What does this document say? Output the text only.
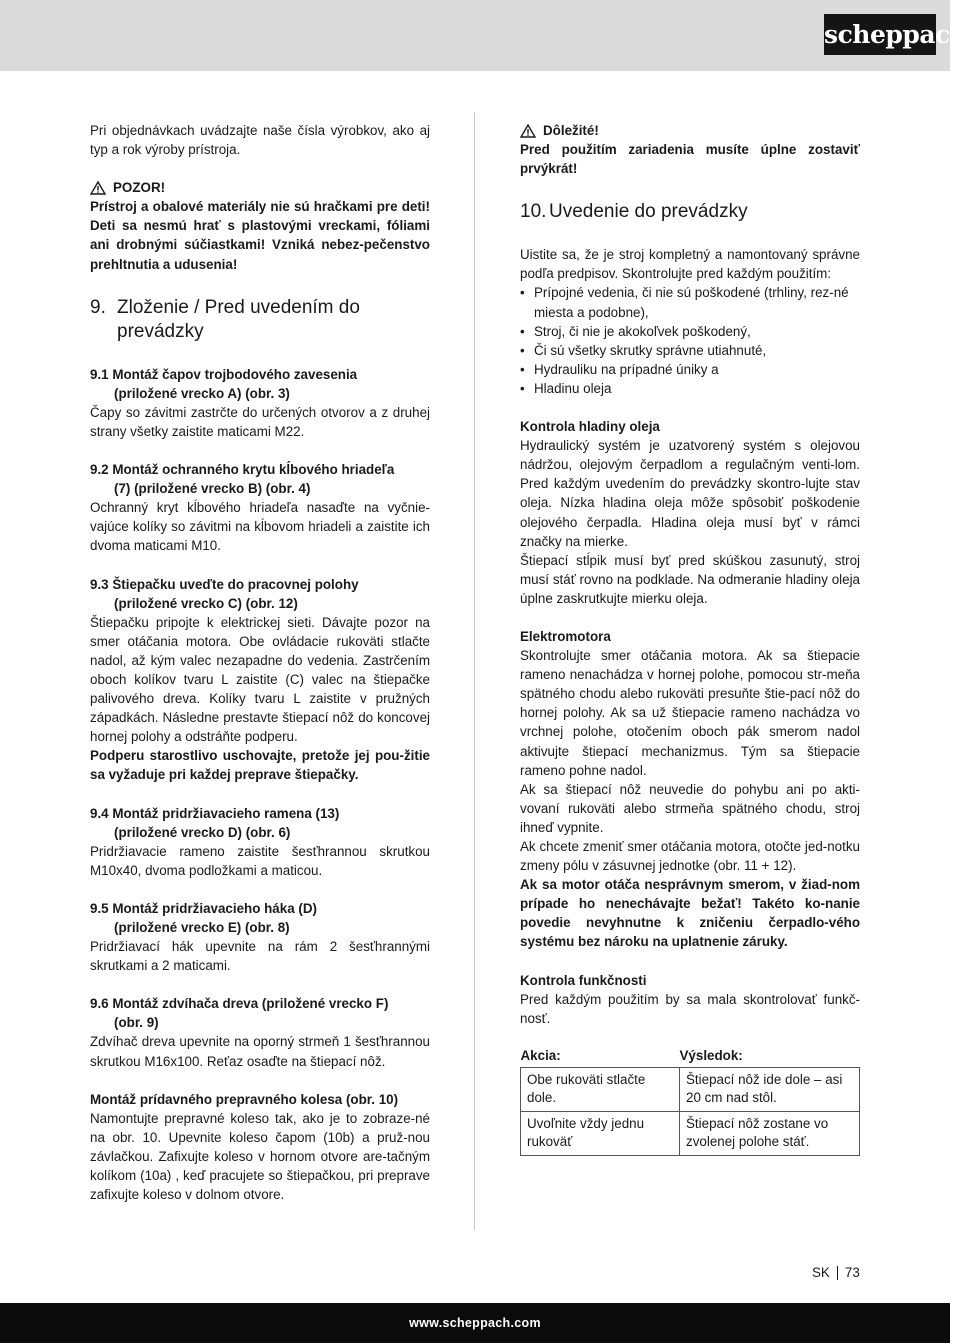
scheppach

Pri objednávkach uvádzajte naše čísla výrobkov, ako aj typ a rok výroby prístroja.

POZOR!

Prístroj a obalové materiály nie sú hračkami pre deti! Deti sa nesmú hrať s plastovými vreckami, fóliami ani drobnými súčiastkami! Vzniká nebez-pečenstvo prehltnutia a udusenia!

9. Zloženie / Pred uvedením do
prevádzky
9.1 Montáž čapov trojbodového zavesenia
(priložené vrecko A) (obr. 3)

Čapy so závitmi zastrčte do určených otvorov a z druhej strany všetky zaistite maticami M22.

9.2 Montáž ochranného krytu kĺbového hriadeľa
(7) (priložené vrecko B) (obr. 4)

Ochranný kryt kĺbového hriadeľa nasaďte na vyčnie-vajúce kolíky so závitmi na kĺbovom hriadeli a zaistite ich dvoma maticami M10.

9.3 Štiepačku uveďte do pracovnej polohy
(priložené vrecko C) (obr. 12)

Štiepačku pripojte k elektrickej sieti. Dávajte pozor na smer otáčania motora. Obe ovládacie rukoväti stlačte nadol, až kým valec nezapadne do vedenia. Zastrčením oboch kolíkov tvaru L zaistite (C) valec na štiepačke palivového dreva. Kolíky tvaru L zaistite v pružných západkách. Následne prestavte štiepací nôž do koncovej hornej polohy a odstráňte podperu.

Podperu starostlivo uschovajte, pretože jej pou-žitie sa vyžaduje pri každej preprave štiepačky.

9.4 Montáž pridržiavacieho ramena (13)
(priložené vrecko D) (obr. 6)

Pridržiavacie rameno zaistite šesťhrannou skrutkou M10x40, dvoma podložkami a maticou.

9.5 Montáž pridržiavacieho háka (D)
(priložené vrecko E) (obr. 8)

Pridržiavací hák upevnite na rám 2 šesťhrannými skrutkami a 2 maticami.

9.6 Montáž zdvíhača dreva (priložené vrecko F)
(obr. 9)

Zdvíhač dreva upevnite na oporný strmeň 1 šesťhrannou skrutkou M16x100. Reťaz osaďte na štiepací nôž.

Montáž prídavného prepravného kolesa (obr. 10)

Namontujte prepravné koleso tak, ako je to zobraze-né na obr. 10. Upevnite koleso čapom (10b) a pruž-nou závlačkou. Zafixujte koleso v hornom otvore are-tačným kolíkom (10a) , keď pracujete so štiepačkou, pri preprave zafixujte koleso v dolnom otvore.

Dôležité!

Pred použitím zariadenia musíte úplne zostaviť prvýkrát!

10. Uvedenie do prevádzky

Uistite sa, že je stroj kompletný a namontovaný správne podľa predpisov. Skontrolujte pred každým použitím:

• Prípojné vedenia, či nie sú poškodené (trhliny, rez-né miesta a podobne),
• Stroj, či nie je akokoľvek poškodený,
• Či sú všetky skrutky správne utiahnuté,
• Hydrauliku na prípadné úniky a
• Hladinu oleja

Kontrola hladiny oleja

Hydraulický systém je uzatvorený systém s olejovou nádržou, olejovým čerpadlom a regulačným venti-lom. Pred každým uvedením do prevádzky skontro-lujte stav oleja. Nízka hladina oleja môže spôsobiť poškodenie olejového čerpadla. Hladina oleja musí byť v rámci značky na mierke.

Štiepací stĺpik musí byť pred skúškou zasunutý, stroj musí stáť rovno na podklade. Na odmeranie hladiny oleja úplne zaskrutkujte mierku oleja.

Elektromotora

Skontrolujte smer otáčania motora. Ak sa štiepacie rameno nenachádza v hornej polohe, pomocou str-meňa spätného chodu alebo rukoväti presuňte štie-pací nôž do hornej polohy. Ak sa už štiepacie rameno nachádza vo vrchnej polohe, otočením oboch pák smerom nadol aktivujte štiepací mechanizmus. Tým sa štiepacie rameno pohne nadol.

Ak sa štiepací nôž neuvedie do pohybu ani po akti-vovaní rukoväti alebo strmeňa spätného chodu, stroj ihneď vypnite.

Ak chcete zmeniť smer otáčania motora, otočte jed-notku zmeny pólu v zásuvnej jednotke (obr. 11 + 12).

Ak sa motor otáča nesprávnym smerom, v žiad-nom prípade ho nenechávajte bežať! Takéto ko-nanie povedie nevyhnutne k zničeniu čerpadlo-vého systému bez nároku na uplatnenie záruky.

Kontrola funkčnosti

Pred každým použitím by sa mala skontrolovať funkč-nosť.

Akcia:	Výsledok:
Obe rukoväti stlačte dole.	Štiepací nôž ide dole – asi 20 cm nad stôl.
Uvoľnite vždy jednu rukoväť	Štiepací nôž zostane vo zvolenej polohe stáť.
SK 73
www.scheppach.com
